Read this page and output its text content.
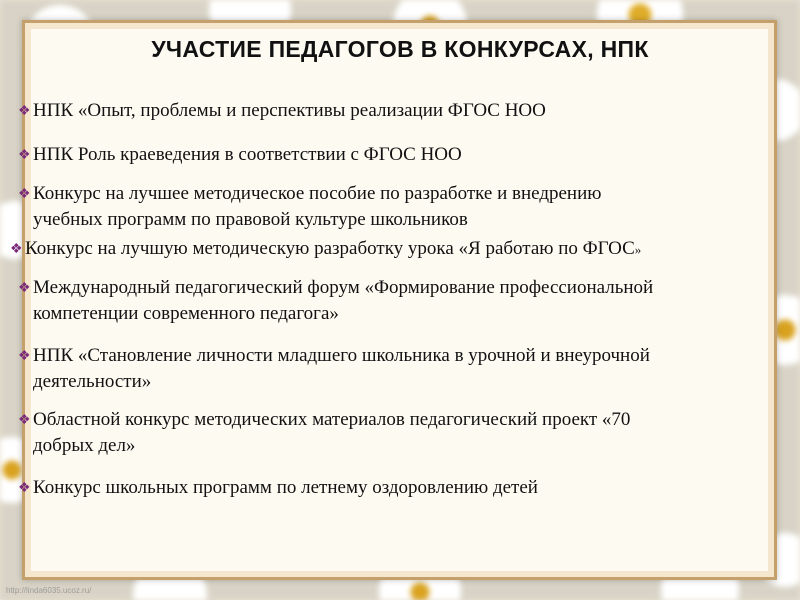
УЧАСТИЕ ПЕДАГОГОВ В КОНКУРСАХ, НПК
❖ НПК «Опыт, проблемы и перспективы реализации ФГОС НОО
❖ НПК Роль краеведения в соответствии с ФГОС НОО
❖ Конкурс на лучшее методическое пособие по разработке и внедрению
учебных программ по правовой культуре школьников
❖ Конкурс на лучшую методическую разработку урока «Я работаю по ФГОС»
❖ Международный педагогический форум «Формирование профессиональной
компетенции современного педагога»
❖ НПК «Становление личности младшего школьника в урочной и внеурочной
деятельности»
❖ Областной конкурс методических материалов педагогический проект «70
добрых дел»
❖ Конкурс школьных программ по летнему оздоровлению детей
http://linda6035.ucoz.ru/
